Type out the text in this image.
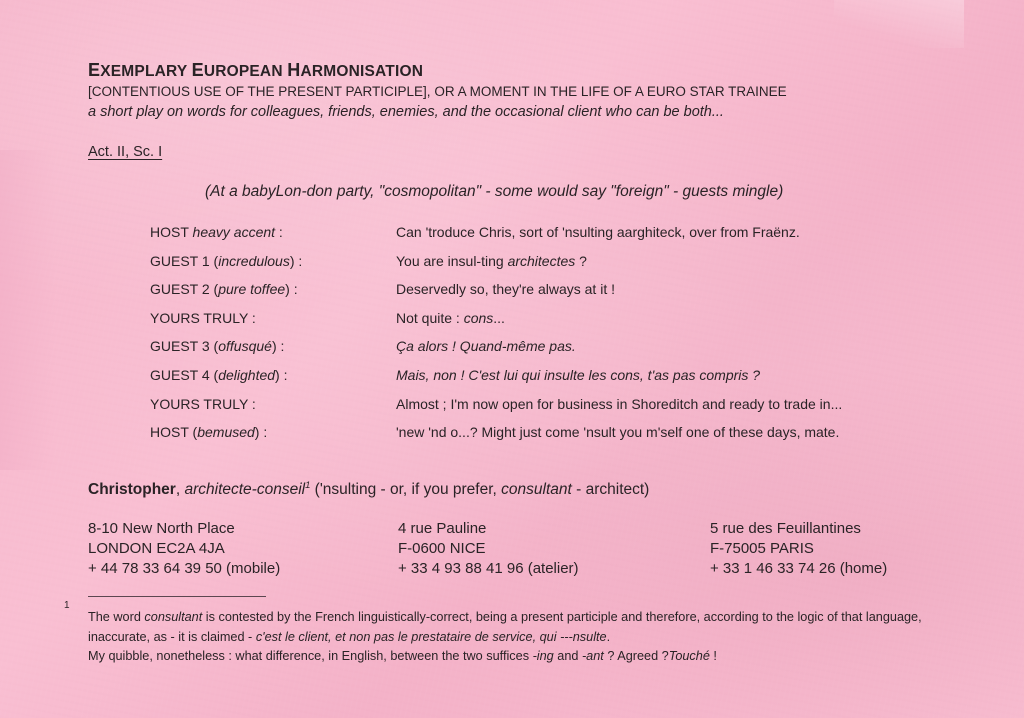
EXEMPLARY EUROPEAN HARMONISATION
[CONTENTIOUS USE OF THE PRESENT PARTICIPLE], OR A MOMENT IN THE LIFE OF A EURO STAR TRAINEE
a short play on words for colleagues, friends, enemies, and the occasional client who can be both...
Act. II, Sc. I
(At a babyLon-don party, "cosmopolitan" - some would say "foreign" - guests mingle)
HOST heavy accent :	Can 'troduce Chris, sort of 'nsulting aarghiteck, over from Fraënz.
GUEST 1 (incredulous) :	You are insul-ting architectes ?
GUEST 2 (pure toffee) :	Deservedly so, they're always at it !
YOURS TRULY :	Not quite : cons...
GUEST 3 (offusqué) :	Ça alors ! Quand-même pas.
GUEST 4 (delighted) :	Mais, non ! C'est lui qui insulte les cons, t'as pas compris ?
YOURS TRULY :	Almost ; I'm now open for business in Shoreditch and ready to trade in...
HOST (bemused) :	'new 'nd o...? Might just come 'nsult you m'self one of these days, mate.
Christopher, architecte-conseil$^1$ ('nsulting - or, if you prefer, consultant - architect)
8-10 New North Place
LONDON EC2A 4JA
+ 44 78 33 64 39 50 (mobile)
4 rue Pauline
F-0600 NICE
+ 33 4 93 88 41 96 (atelier)
5 rue des Feuillantines
F-75005 PARIS
+ 33 1 46 33 74 26 (home)
1
The word consultant is contested by the French linguistically-correct, being a present participle and therefore, according to the logic of that language, inaccurate, as - it is claimed - c'est le client, et non pas le prestataire de service, qui ---nsulte.
My quibble, nonetheless : what difference, in English, between the two suffices -ing and -ant ? Agreed ?Touché !
